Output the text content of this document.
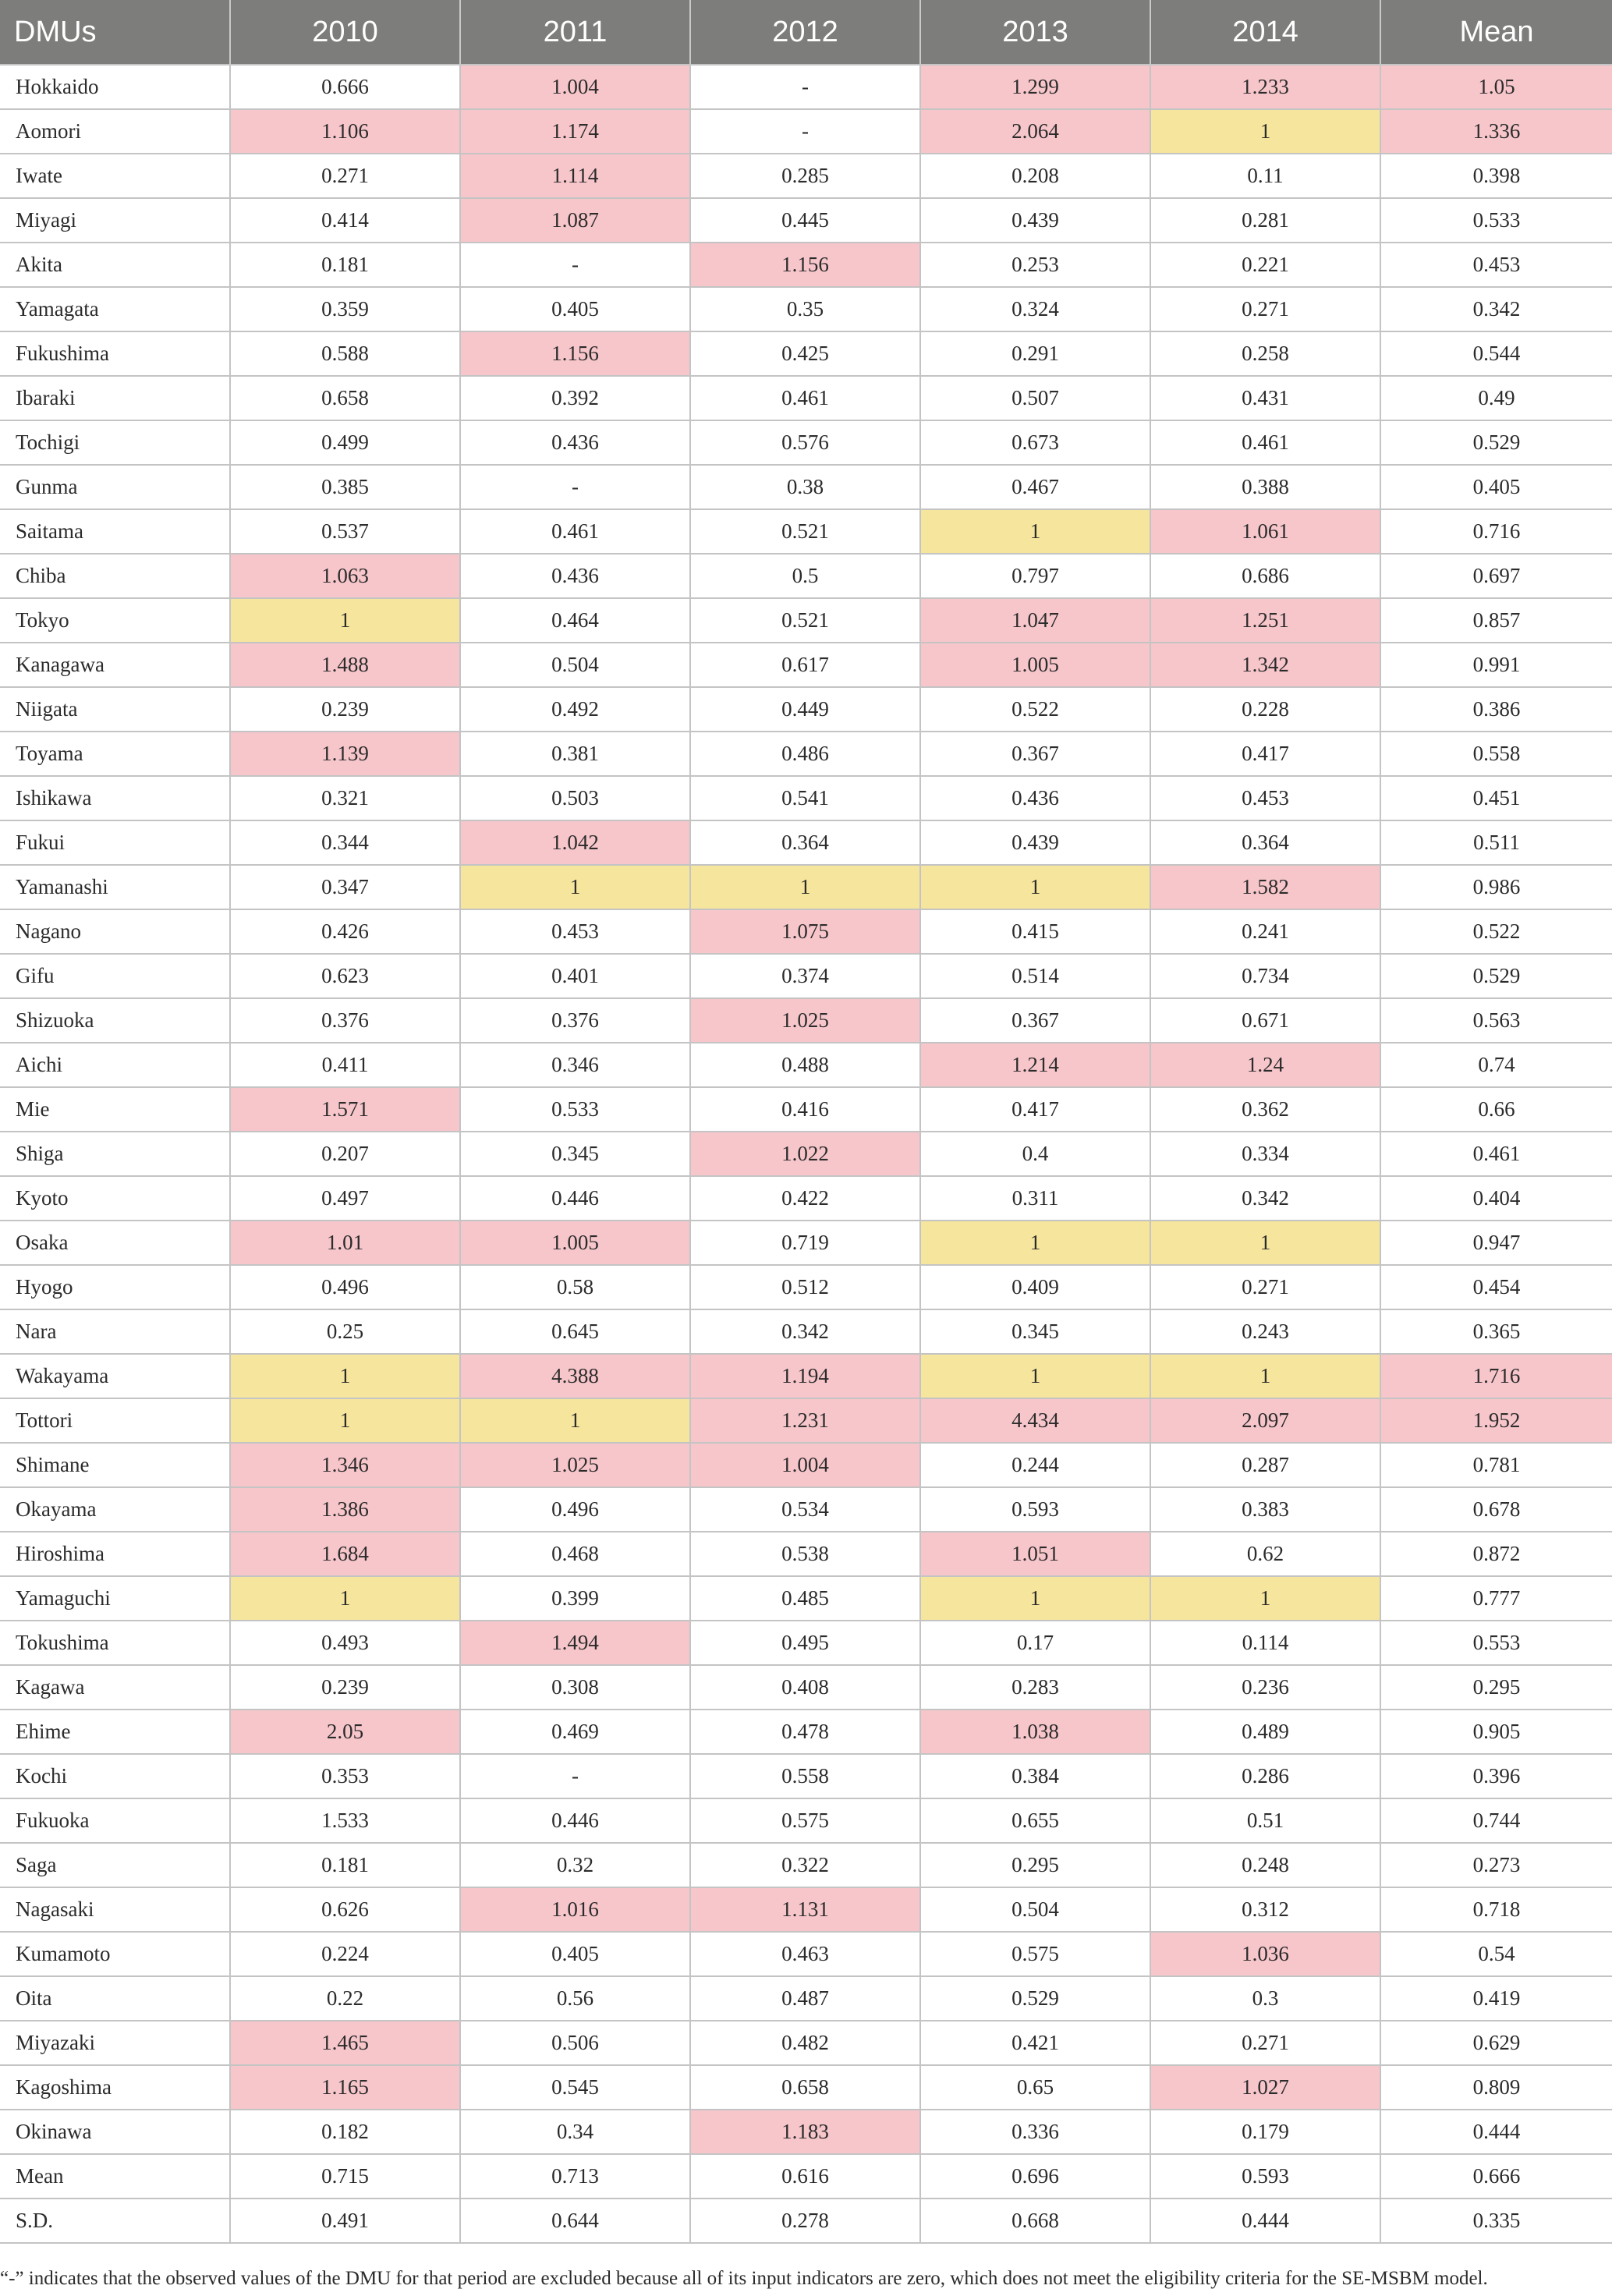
DMUs	2010	2011	2012	2013	2014	Mean
Hokkaido	0.666	1.004	-	1.299	1.233	1.05
Aomori	1.106	1.174	-	2.064	1	1.336
Iwate	0.271	1.114	0.285	0.208	0.11	0.398
Miyagi	0.414	1.087	0.445	0.439	0.281	0.533
Akita	0.181	-	1.156	0.253	0.221	0.453
Yamagata	0.359	0.405	0.35	0.324	0.271	0.342
Fukushima	0.588	1.156	0.425	0.291	0.258	0.544
Ibaraki	0.658	0.392	0.461	0.507	0.431	0.49
Tochigi	0.499	0.436	0.576	0.673	0.461	0.529
Gunma	0.385	-	0.38	0.467	0.388	0.405
Saitama	0.537	0.461	0.521	1	1.061	0.716
Chiba	1.063	0.436	0.5	0.797	0.686	0.697
Tokyo	1	0.464	0.521	1.047	1.251	0.857
Kanagawa	1.488	0.504	0.617	1.005	1.342	0.991
Niigata	0.239	0.492	0.449	0.522	0.228	0.386
Toyama	1.139	0.381	0.486	0.367	0.417	0.558
Ishikawa	0.321	0.503	0.541	0.436	0.453	0.451
Fukui	0.344	1.042	0.364	0.439	0.364	0.511
Yamanashi	0.347	1	1	1	1.582	0.986
Nagano	0.426	0.453	1.075	0.415	0.241	0.522
Gifu	0.623	0.401	0.374	0.514	0.734	0.529
Shizuoka	0.376	0.376	1.025	0.367	0.671	0.563
Aichi	0.411	0.346	0.488	1.214	1.24	0.74
Mie	1.571	0.533	0.416	0.417	0.362	0.66
Shiga	0.207	0.345	1.022	0.4	0.334	0.461
Kyoto	0.497	0.446	0.422	0.311	0.342	0.404
Osaka	1.01	1.005	0.719	1	1	0.947
Hyogo	0.496	0.58	0.512	0.409	0.271	0.454
Nara	0.25	0.645	0.342	0.345	0.243	0.365
Wakayama	1	4.388	1.194	1	1	1.716
Tottori	1	1	1.231	4.434	2.097	1.952
Shimane	1.346	1.025	1.004	0.244	0.287	0.781
Okayama	1.386	0.496	0.534	0.593	0.383	0.678
Hiroshima	1.684	0.468	0.538	1.051	0.62	0.872
Yamaguchi	1	0.399	0.485	1	1	0.777
Tokushima	0.493	1.494	0.495	0.17	0.114	0.553
Kagawa	0.239	0.308	0.408	0.283	0.236	0.295
Ehime	2.05	0.469	0.478	1.038	0.489	0.905
Kochi	0.353	-	0.558	0.384	0.286	0.396
Fukuoka	1.533	0.446	0.575	0.655	0.51	0.744
Saga	0.181	0.32	0.322	0.295	0.248	0.273
Nagasaki	0.626	1.016	1.131	0.504	0.312	0.718
Kumamoto	0.224	0.405	0.463	0.575	1.036	0.54
Oita	0.22	0.56	0.487	0.529	0.3	0.419
Miyazaki	1.465	0.506	0.482	0.421	0.271	0.629
Kagoshima	1.165	0.545	0.658	0.65	1.027	0.809
Okinawa	0.182	0.34	1.183	0.336	0.179	0.444
Mean	0.715	0.713	0.616	0.696	0.593	0.666
S.D.	0.491	0.644	0.278	0.668	0.444	0.335
“-” indicates that the observed values of the DMU for that period are excluded because all of its input indicators are zero, which does not meet the eligibility criteria for the SE-MSBM model.
